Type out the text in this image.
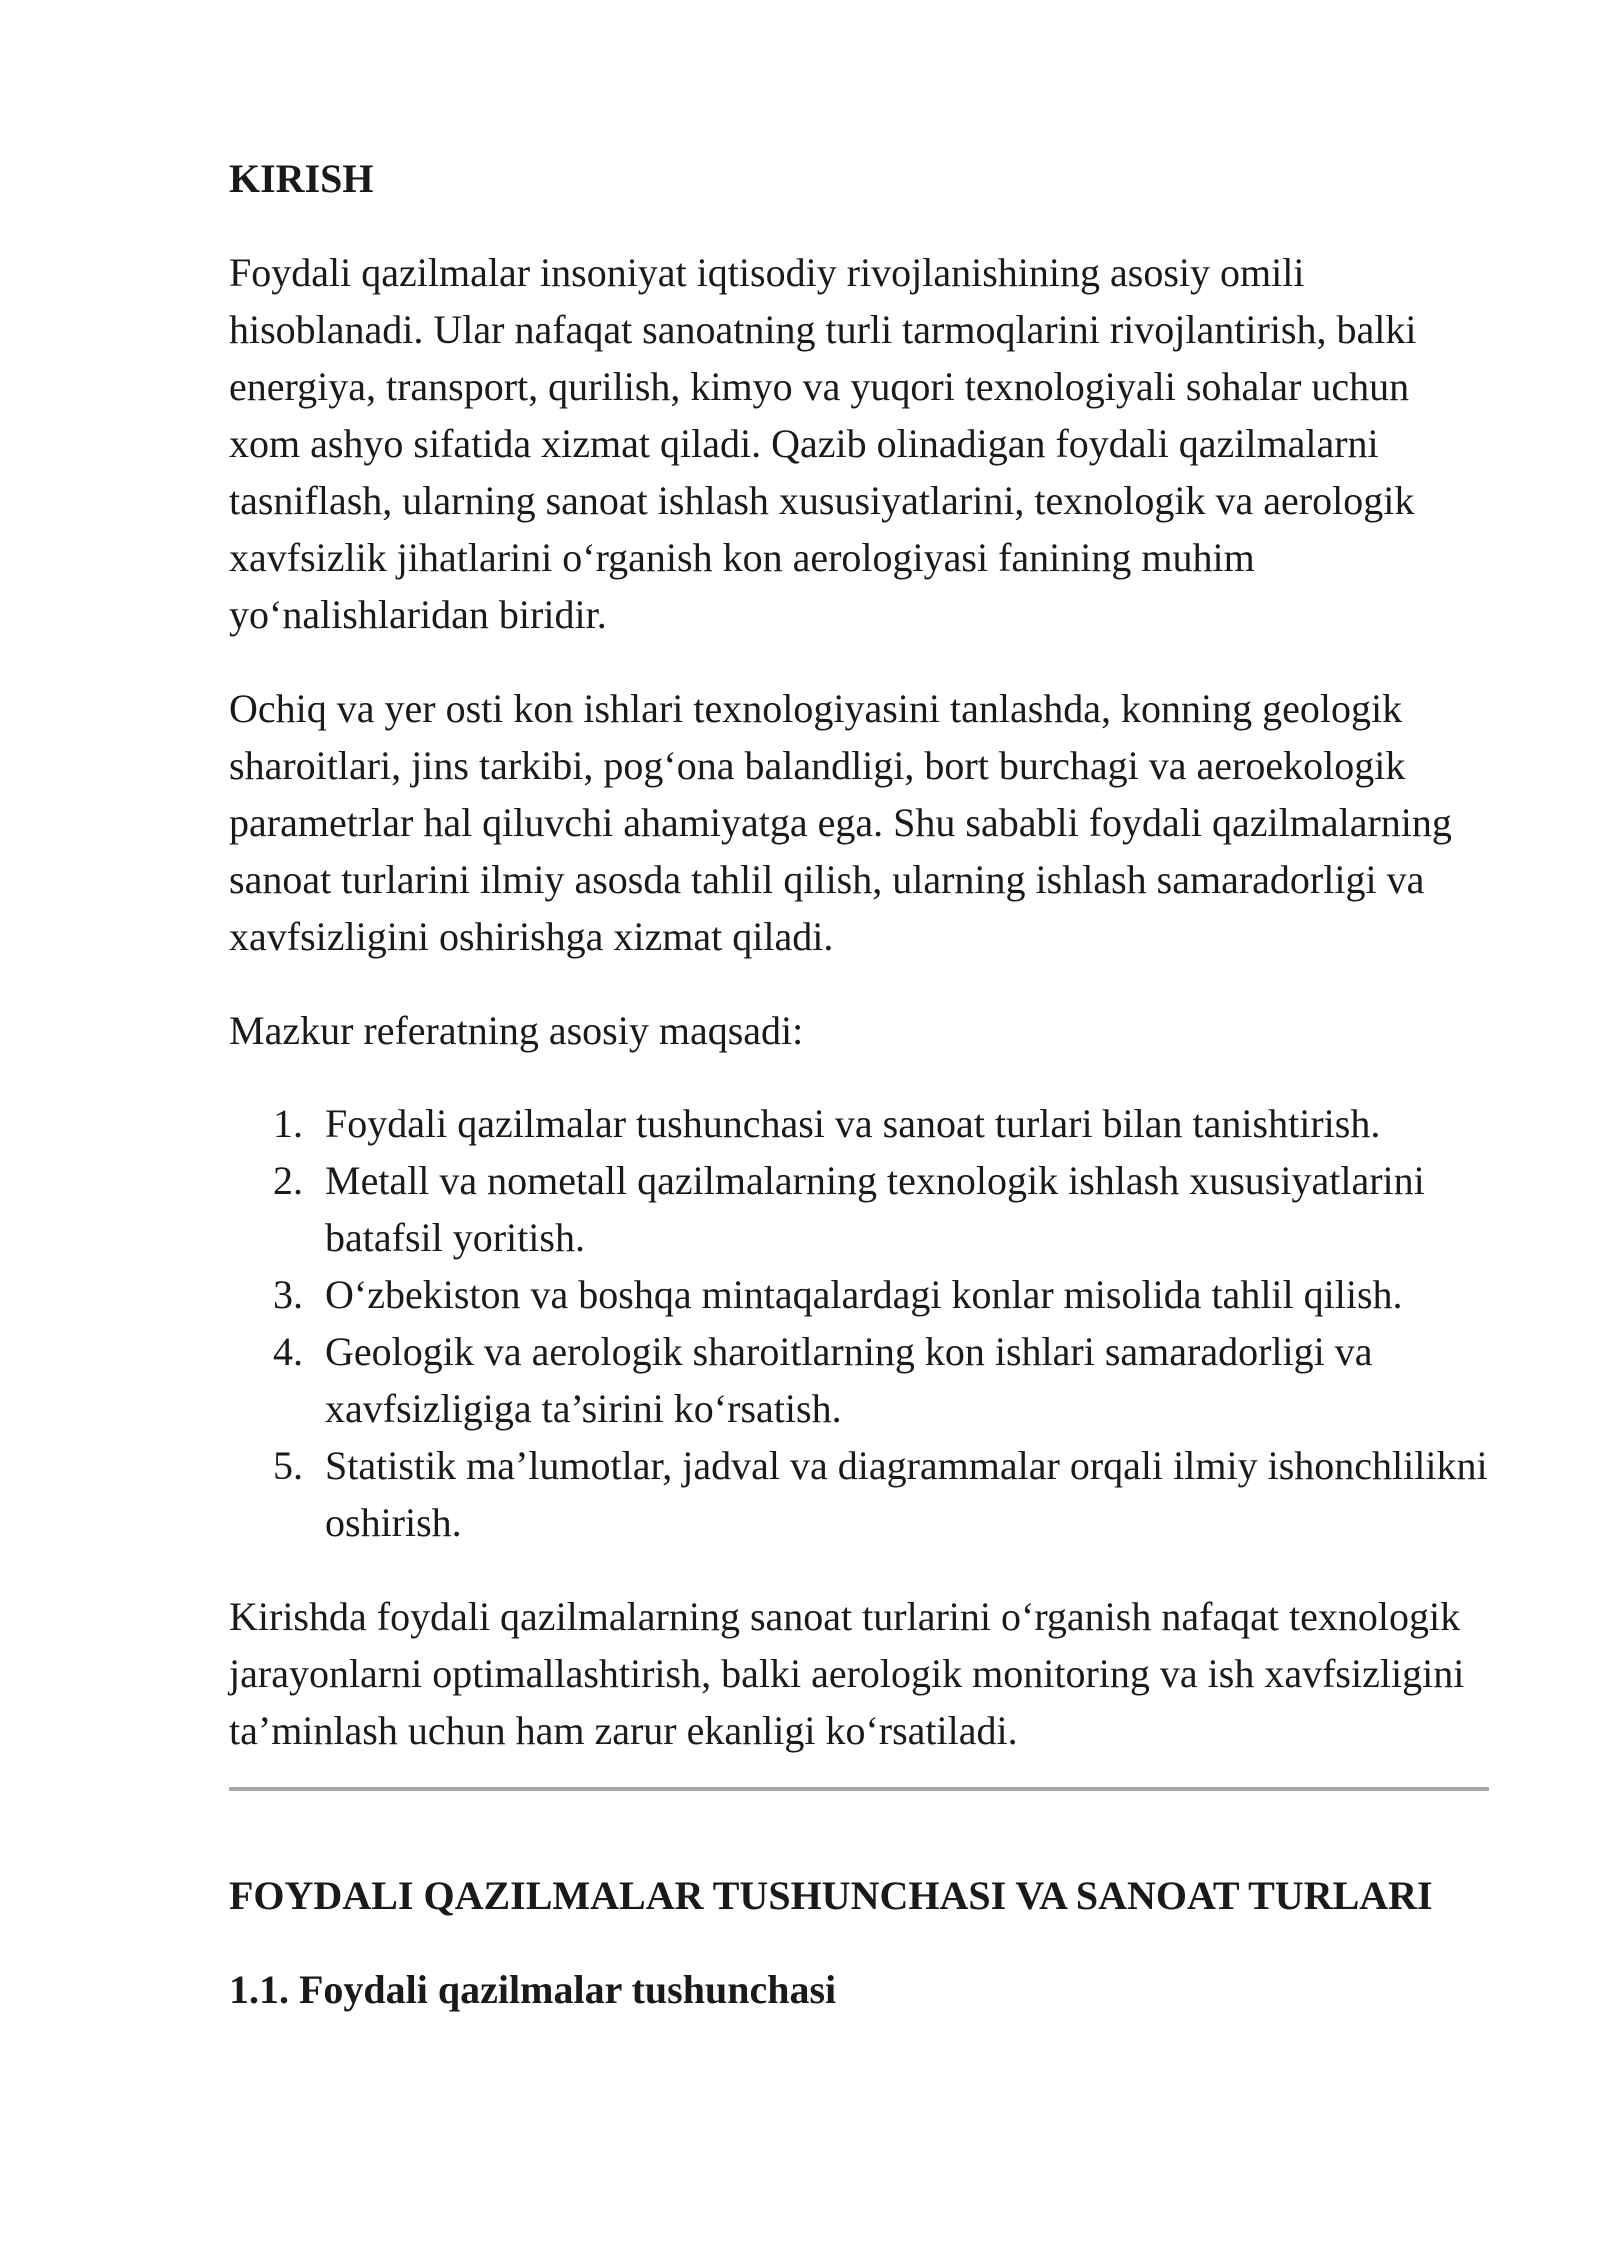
KIRISH

Foydali qazilmalar insoniyat iqtisodiy rivojlanishining asosiy omili hisoblanadi. Ular nafaqat sanoatning turli tarmoqlarini rivojlantirish, balki energiya, transport, qurilish, kimyo va yuqori texnologiyali sohalar uchun xom ashyo sifatida xizmat qiladi. Qazib olinadigan foydali qazilmalarni tasniflash, ularning sanoat ishlash xususiyatlarini, texnologik va aerologik xavfsizlik jihatlarini o‘rganish kon aerologiyasi fanining muhim yo‘nalishlaridan biridir.

Ochiq va yer osti kon ishlari texnologiyasini tanlashda, konning geologik sharoitlari, jins tarkibi, pog‘ona balandligi, bort burchagi va aeroekologik parametrlar hal qiluvchi ahamiyatga ega. Shu sababli foydali qazilmalarning sanoat turlarini ilmiy asosda tahlil qilish, ularning ishlash samaradorligi va xavfsizligini oshirishga xizmat qiladi.

Mazkur referatning asosiy maqsadi:

1. Foydali qazilmalar tushunchasi va sanoat turlari bilan tanishtirish.
2. Metall va nometall qazilmalarning texnologik ishlash xususiyatlarini batafsil yoritish.
3. O‘zbekiston va boshqa mintaqalardagi konlar misolida tahlil qilish.
4. Geologik va aerologik sharoitlarning kon ishlari samaradorligi va xavfsizligiga ta’sirini ko‘rsatish.
5. Statistik ma’lumotlar, jadval va diagrammalar orqali ilmiy ishonchlilikni oshirish.

Kirishda foydali qazilmalarning sanoat turlarini o‘rganish nafaqat texnologik jarayonlarni optimallashtirish, balki aerologik monitoring va ish xavfsizligini ta’minlash uchun ham zarur ekanligi ko‘rsatiladi.

FOYDALI QAZILMALAR TUSHUNCHASI VA SANOAT TURLARI
1.1. Foydali qazilmalar tushunchasi
